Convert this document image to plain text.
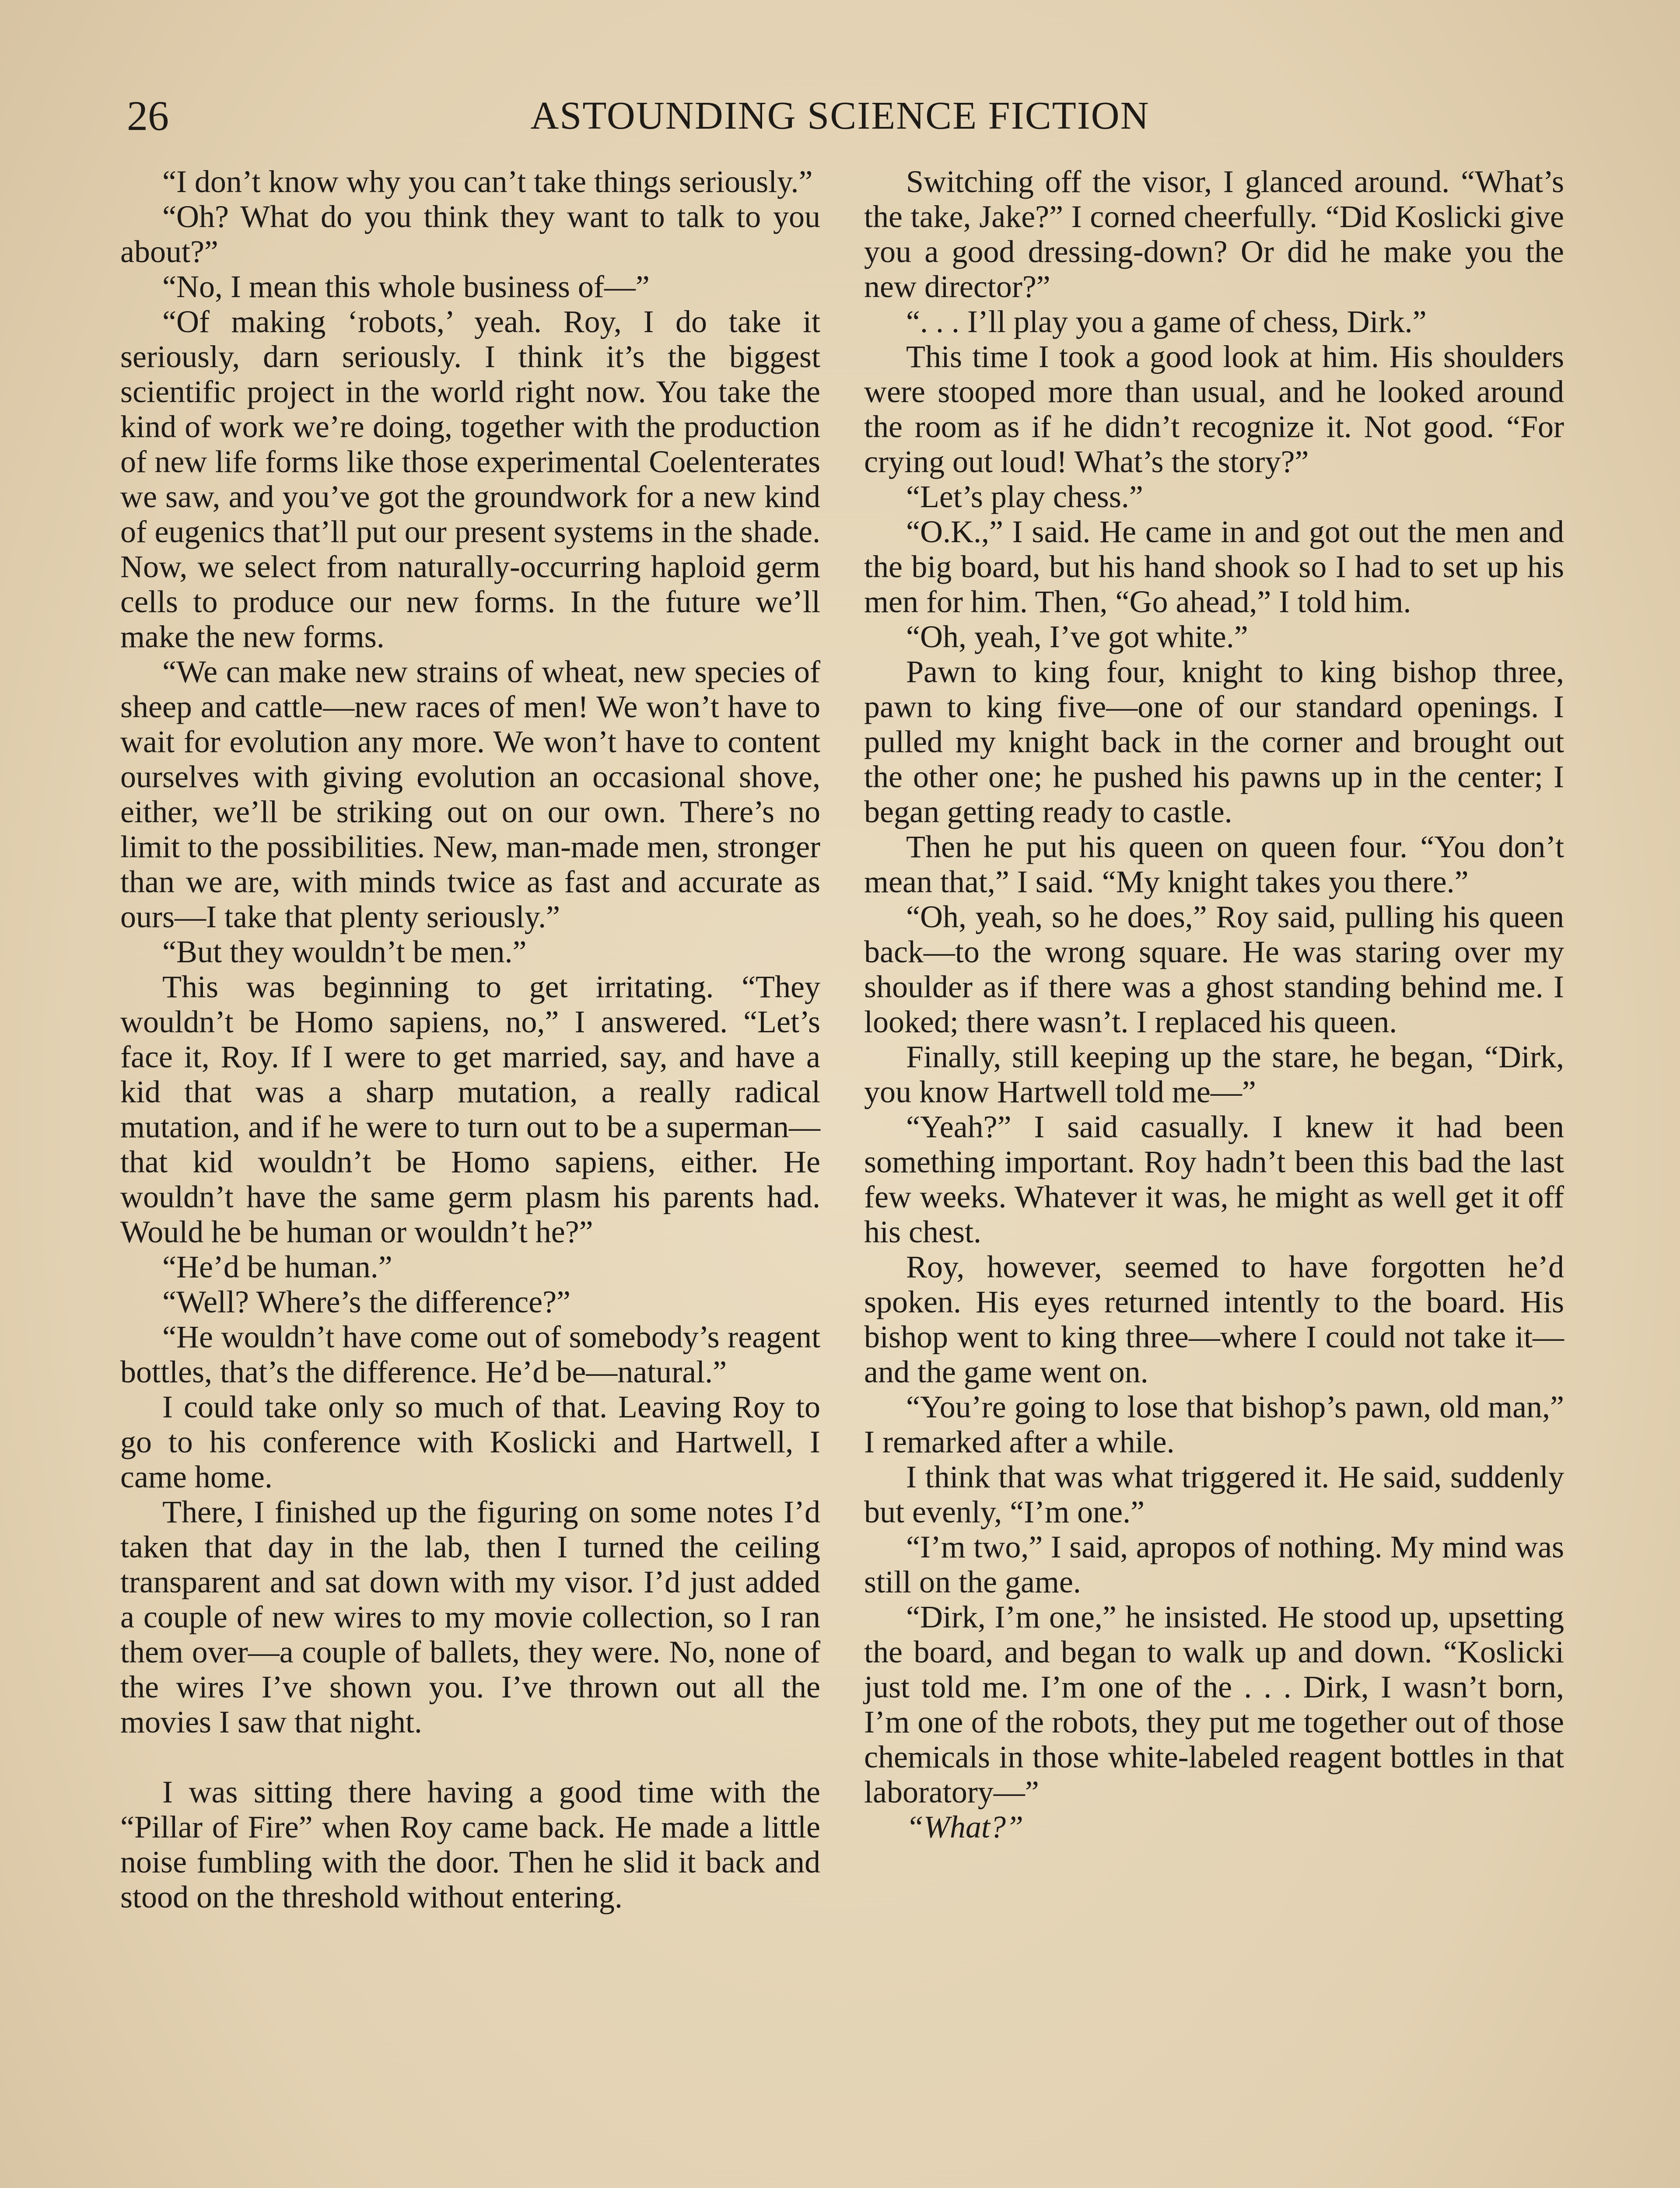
26	ASTOUNDING SCIENCE FICTION

“I don’t know why you can’t take things seriously.”

“Oh? What do you think they want to talk to you about?”

“No, I mean this whole business of—”

“Of making ‘robots,’ yeah. Roy, I do take it seriously, darn seriously. I think it’s the biggest scientific project in the world right now. You take the kind of work we’re doing, together with the production of new life forms like those experimental Coelenterates we saw, and you’ve got the groundwork for a new kind of eugenics that’ll put our present systems in the shade. Now, we select from naturally-occurring haploid germ cells to produce our new forms. In the future we’ll make the new forms.

“We can make new strains of wheat, new species of sheep and cattle—new races of men! We won’t have to wait for evolution any more. We won’t have to content ourselves with giving evolution an occasional shove, either, we’ll be striking out on our own. There’s no limit to the possibilities. New, man-made men, stronger than we are, with minds twice as fast and accurate as ours—I take that plenty seriously.”

“But they wouldn’t be men.”

This was beginning to get irritating. “They wouldn’t be Homo sapiens, no,” I answered. “Let’s face it, Roy. If I were to get married, say, and have a kid that was a sharp mutation, a really radical mutation, and if he were to turn out to be a superman—that kid wouldn’t be Homo sapiens, either. He wouldn’t have the same germ plasm his parents had. Would he be human or wouldn’t he?”

“He’d be human.”

“Well? Where’s the difference?”

“He wouldn’t have come out of somebody’s reagent bottles, that’s the difference. He’d be—natural.”

I could take only so much of that. Leaving Roy to go to his conference with Koslicki and Hartwell, I came home.

There, I finished up the figuring on some notes I’d taken that day in the lab, then I turned the ceiling transparent and sat down with my visor. I’d just added a couple of new wires to my movie collection, so I ran them over—a couple of ballets, they were. No, none of the wires I’ve shown you. I’ve thrown out all the movies I saw that night.

I was sitting there having a good time with the “Pillar of Fire” when Roy came back. He made a little noise fumbling with the door. Then he slid it back and stood on the threshold without entering.

Switching off the visor, I glanced around. “What’s the take, Jake?” I corned cheerfully. “Did Koslicki give you a good dressing-down? Or did he make you the new director?”

“. . . I’ll play you a game of chess, Dirk.”

This time I took a good look at him. His shoulders were stooped more than usual, and he looked around the room as if he didn’t recognize it. Not good. “For crying out loud! What’s the story?”

“Let’s play chess.”

“O.K.,” I said. He came in and got out the men and the big board, but his hand shook so I had to set up his men for him. Then, “Go ahead,” I told him.

“Oh, yeah, I’ve got white.”

Pawn to king four, knight to king bishop three, pawn to king five—one of our standard openings. I pulled my knight back in the corner and brought out the other one; he pushed his pawns up in the center; I began getting ready to castle.

Then he put his queen on queen four. “You don’t mean that,” I said. “My knight takes you there.”

“Oh, yeah, so he does,” Roy said, pulling his queen back—to the wrong square. He was staring over my shoulder as if there was a ghost standing behind me. I looked; there wasn’t. I replaced his queen.

Finally, still keeping up the stare, he began, “Dirk, you know Hartwell told me—”

“Yeah?” I said casually. I knew it had been something important. Roy hadn’t been this bad the last few weeks. Whatever it was, he might as well get it off his chest.

Roy, however, seemed to have forgotten he’d spoken. His eyes returned intently to the board. His bishop went to king three—where I could not take it—and the game went on.

“You’re going to lose that bishop’s pawn, old man,” I remarked after a while.

I think that was what triggered it. He said, suddenly but evenly, “I’m one.”

“I’m two,” I said, apropos of nothing. My mind was still on the game.

“Dirk, I’m one,” he insisted. He stood up, upsetting the board, and began to walk up and down. “Koslicki just told me. I’m one of the . . . Dirk, I wasn’t born, I’m one of the robots, they put me together out of those chemicals in those white-labeled reagent bottles in that laboratory—”

“What?”
